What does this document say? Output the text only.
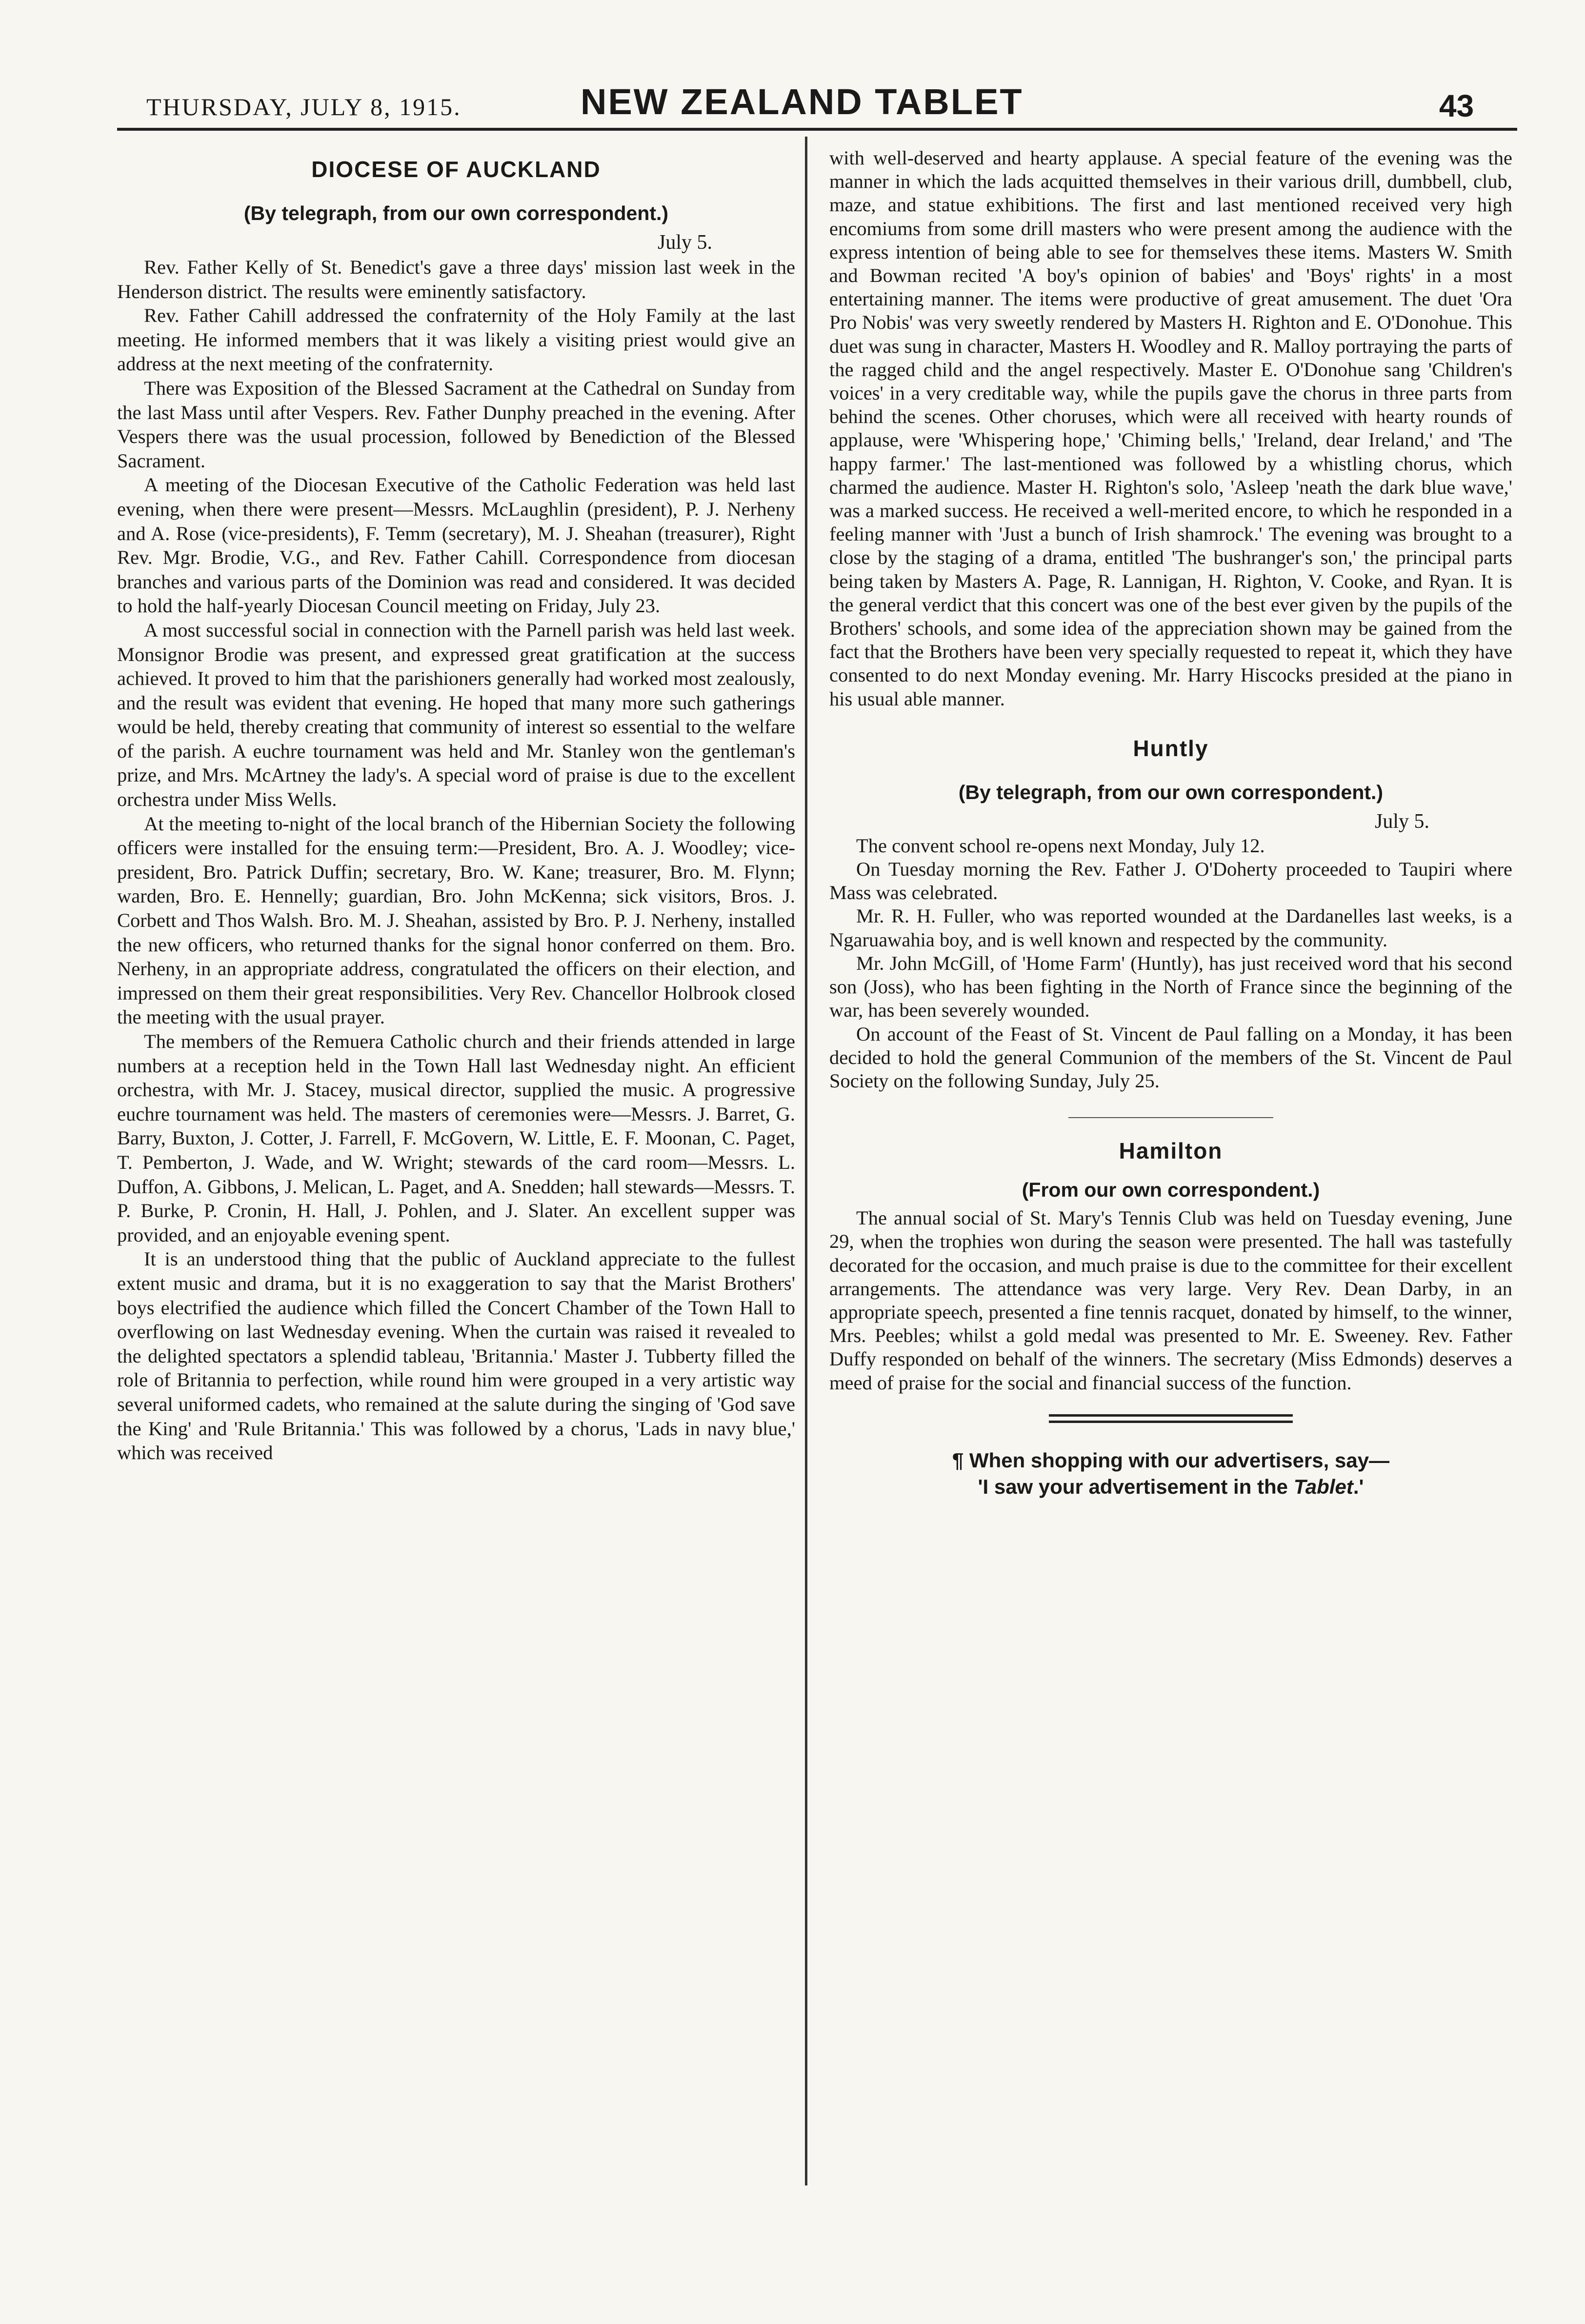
THURSDAY, JULY 8, 1915.	NEW ZEALAND TABLET	43
DIOCESE OF AUCKLAND
(By telegraph, from our own correspondent.)
July 5.

Rev. Father Kelly of St. Benedict's gave a three days' mission last week in the Henderson district. The results were eminently satisfactory.

Rev. Father Cahill addressed the confraternity of the Holy Family at the last meeting. He informed members that it was likely a visiting priest would give an address at the next meeting of the confraternity.

There was Exposition of the Blessed Sacrament at the Cathedral on Sunday from the last Mass until after Vespers. Rev. Father Dunphy preached in the evening. After Vespers there was the usual procession, followed by Benediction of the Blessed Sacrament.

A meeting of the Diocesan Executive of the Catholic Federation was held last evening, when there were present—Messrs. McLaughlin (president), P. J. Nerheny and A. Rose (vice-presidents), F. Temm (secretary), M. J. Sheahan (treasurer), Right Rev. Mgr. Brodie, V.G., and Rev. Father Cahill. Correspondence from diocesan branches and various parts of the Dominion was read and considered. It was decided to hold the half-yearly Diocesan Council meeting on Friday, July 23.

A most successful social in connection with the Parnell parish was held last week. Monsignor Brodie was present, and expressed great gratification at the success achieved. It proved to him that the parishioners generally had worked most zealously, and the result was evident that evening. He hoped that many more such gatherings would be held, thereby creating that community of interest so essential to the welfare of the parish. A euchre tournament was held and Mr. Stanley won the gentleman's prize, and Mrs. McArtney the lady's. A special word of praise is due to the excellent orchestra under Miss Wells.

At the meeting to-night of the local branch of the Hibernian Society the following officers were installed for the ensuing term:—President, Bro. A. J. Woodley; vice-president, Bro. Patrick Duffin; secretary, Bro. W. Kane; treasurer, Bro. M. Flynn; warden, Bro. E. Hennelly; guardian, Bro. John McKenna; sick visitors, Bros. J. Corbett and Thos Walsh. Bro. M. J. Sheahan, assisted by Bro. P. J. Nerheny, installed the new officers, who returned thanks for the signal honor conferred on them. Bro. Nerheny, in an appropriate address, congratulated the officers on their election, and impressed on them their great responsibilities. Very Rev. Chancellor Holbrook closed the meeting with the usual prayer.

The members of the Remuera Catholic church and their friends attended in large numbers at a reception held in the Town Hall last Wednesday night. An efficient orchestra, with Mr. J. Stacey, musical director, supplied the music. A progressive euchre tournament was held. The masters of ceremonies were—Messrs. J. Barret, G. Barry, Buxton, J. Cotter, J. Farrell, F. McGovern, W. Little, E. F. Moonan, C. Paget, T. Pemberton, J. Wade, and W. Wright; stewards of the card room—Messrs. L. Duffon, A. Gibbons, J. Melican, L. Paget, and A. Snedden; hall stewards—Messrs. T. P. Burke, P. Cronin, H. Hall, J. Pohlen, and J. Slater. An excellent supper was provided, and an enjoyable evening spent.

It is an understood thing that the public of Auckland appreciate to the fullest extent music and drama, but it is no exaggeration to say that the Marist Brothers' boys electrified the audience which filled the Concert Chamber of the Town Hall to overflowing on last Wednesday evening. When the curtain was raised it revealed to the delighted spectators a splendid tableau, 'Britannia.' Master J. Tubberty filled the role of Britannia to perfection, while round him were grouped in a very artistic way several uniformed cadets, who remained at the salute during the singing of 'God save the King' and 'Rule Britannia.' This was followed by a chorus, 'Lads in navy blue,' which was received

with well-deserved and hearty applause. A special feature of the evening was the manner in which the lads acquitted themselves in their various drill, dumbbell, club, maze, and statue exhibitions. The first and last mentioned received very high encomiums from some drill masters who were present among the audience with the express intention of being able to see for themselves these items. Masters W. Smith and Bowman recited 'A boy's opinion of babies' and 'Boys' rights' in a most entertaining manner. The items were productive of great amusement. The duet 'Ora Pro Nobis' was very sweetly rendered by Masters H. Righton and E. O'Donohue. This duet was sung in character, Masters H. Woodley and R. Malloy portraying the parts of the ragged child and the angel respectively. Master E. O'Donohue sang 'Children's voices' in a very creditable way, while the pupils gave the chorus in three parts from behind the scenes. Other choruses, which were all received with hearty rounds of applause, were 'Whispering hope,' 'Chiming bells,' 'Ireland, dear Ireland,' and 'The happy farmer.' The last-mentioned was followed by a whistling chorus, which charmed the audience. Master H. Righton's solo, 'Asleep 'neath the dark blue wave,' was a marked success. He received a well-merited encore, to which he responded in a feeling manner with 'Just a bunch of Irish shamrock.' The evening was brought to a close by the staging of a drama, entitled 'The bushranger's son,' the principal parts being taken by Masters A. Page, R. Lannigan, H. Righton, V. Cooke, and Ryan. It is the general verdict that this concert was one of the best ever given by the pupils of the Brothers' schools, and some idea of the appreciation shown may be gained from the fact that the Brothers have been very specially requested to repeat it, which they have consented to do next Monday evening. Mr. Harry Hiscocks presided at the piano in his usual able manner.

Huntly
(By telegraph, from our own correspondent.)
July 5.

The convent school re-opens next Monday, July 12.

On Tuesday morning the Rev. Father J. O'Doherty proceeded to Taupiri where Mass was celebrated.

Mr. R. H. Fuller, who was reported wounded at the Dardanelles last weeks, is a Ngaruawahia boy, and is well known and respected by the community.

Mr. John McGill, of 'Home Farm' (Huntly), has just received word that his second son (Joss), who has been fighting in the North of France since the beginning of the war, has been severely wounded.

On account of the Feast of St. Vincent de Paul falling on a Monday, it has been decided to hold the general Communion of the members of the St. Vincent de Paul Society on the following Sunday, July 25.

Hamilton
(From our own correspondent.)

The annual social of St. Mary's Tennis Club was held on Tuesday evening, June 29, when the trophies won during the season were presented. The hall was tastefully decorated for the occasion, and much praise is due to the committee for their excellent arrangements. The attendance was very large. Very Rev. Dean Darby, in an appropriate speech, presented a fine tennis racquet, donated by himself, to the winner, Mrs. Peebles; whilst a gold medal was presented to Mr. E. Sweeney. Rev. Father Duffy responded on behalf of the winners. The secretary (Miss Edmonds) deserves a meed of praise for the social and financial success of the function.

¶ When shopping with our advertisers, say—
'I saw your advertisement in the Tablet.'
